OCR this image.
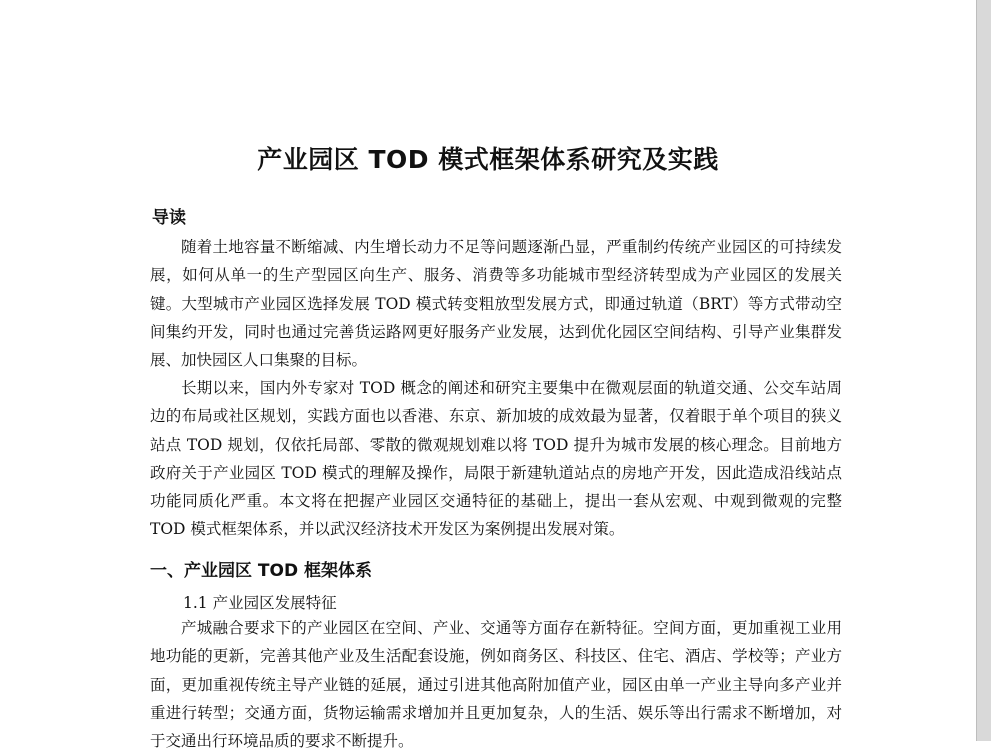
产业园区 TOD 模式框架体系研究及实践
导读

随着土地容量不断缩减、内生增长动力不足等问题逐渐凸显，严重制约传统产业园区的可持续发展，如何从单一的生产型园区向生产、服务、消费等多功能城市型经济转型成为产业园区的发展关键。大型城市产业园区选择发展 TOD 模式转变粗放型发展方式，即通过轨道（BRT）等方式带动空间集约开发，同时也通过完善货运路网更好服务产业发展，达到优化园区空间结构、引导产业集群发展、加快园区人口集聚的目标。

长期以来，国内外专家对 TOD 概念的阐述和研究主要集中在微观层面的轨道交通、公交车站周边的布局或社区规划，实践方面也以香港、东京、新加坡的成效最为显著，仅着眼于单个项目的狭义站点 TOD 规划，仅依托局部、零散的微观规划难以将 TOD 提升为城市发展的核心理念。目前地方政府关于产业园区 TOD 模式的理解及操作，局限于新建轨道站点的房地产开发，因此造成沿线站点功能同质化严重。本文将在把握产业园区交通特征的基础上，提出一套从宏观、中观到微观的完整 TOD 模式框架体系，并以武汉经济技术开发区为案例提出发展对策。

一、产业园区 TOD 框架体系

1.1 产业园区发展特征

产城融合要求下的产业园区在空间、产业、交通等方面存在新特征。空间方面，更加重视工业用地功能的更新，完善其他产业及生活配套设施，例如商务区、科技区、住宅、酒店、学校等；产业方面，更加重视传统主导产业链的延展，通过引进其他高附加值产业，园区由单一产业主导向多产业并重进行转型；交通方面，货物运输需求增加并且更加复杂，人的生活、娱乐等出行需求不断增加，对于交通出行环境品质的要求不断提升。
